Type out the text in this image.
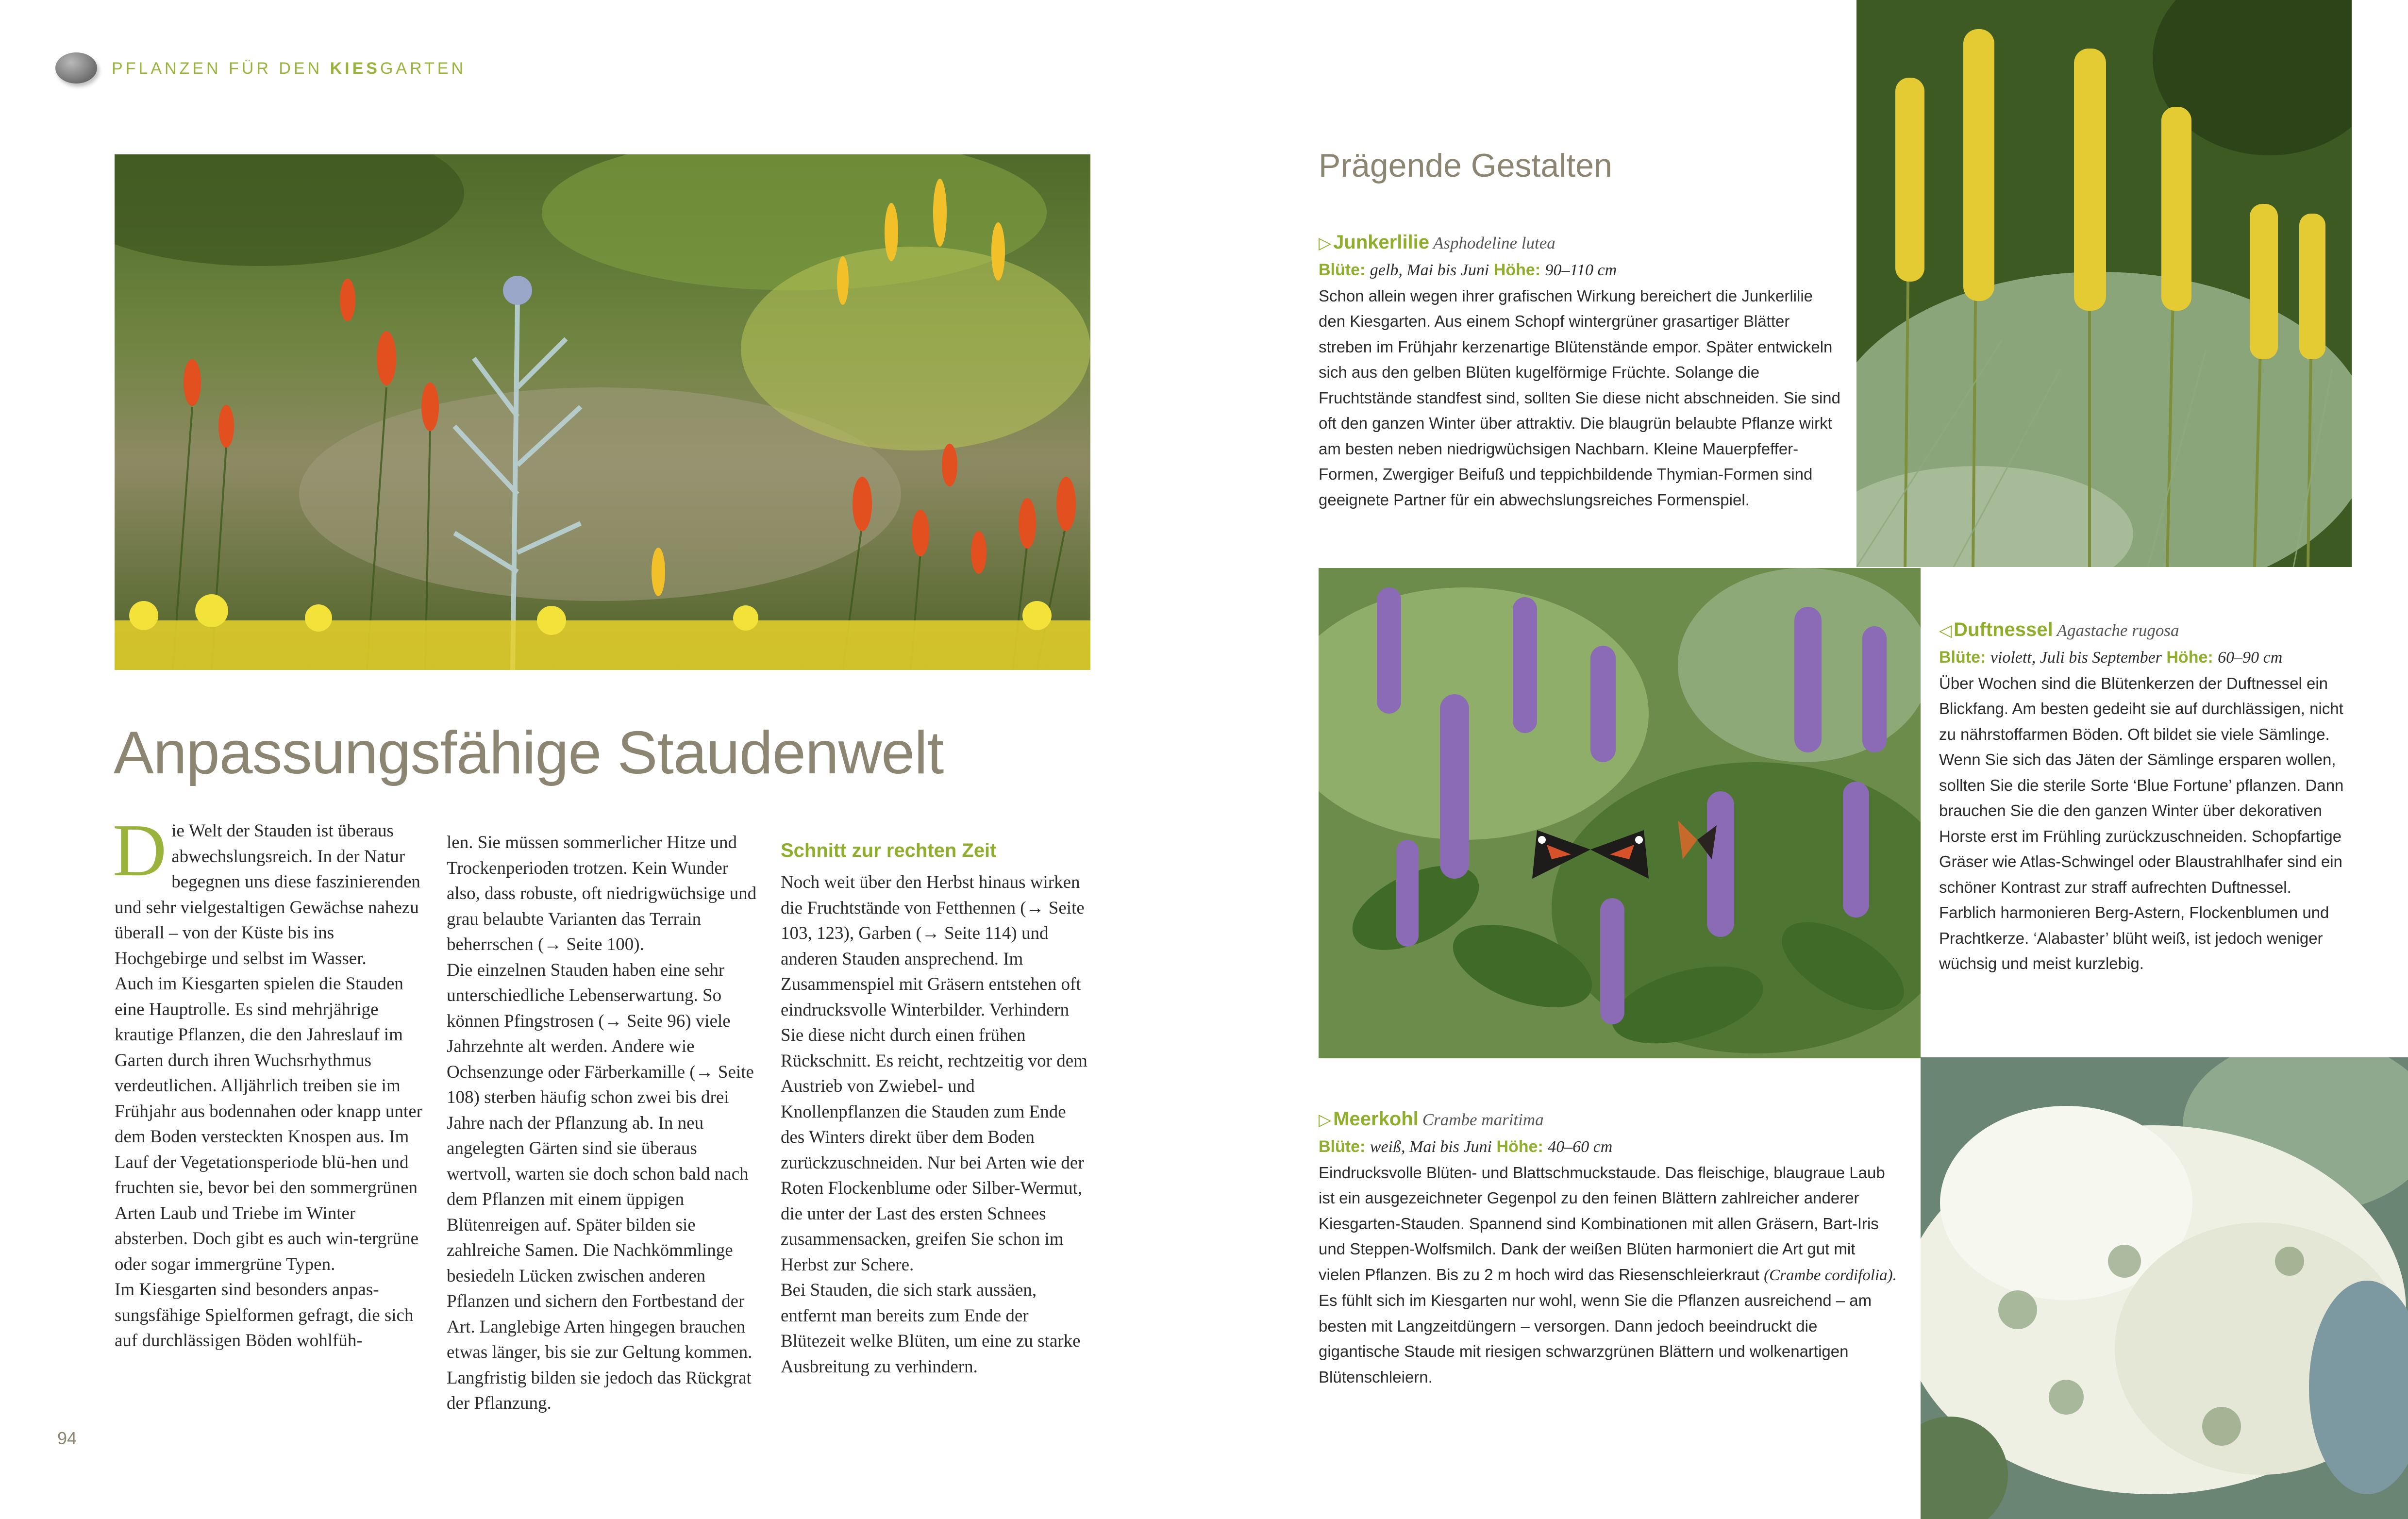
PFLANZEN FÜR DEN KIESGARTEN
Anpassungsfähige Staudenwelt

Die Welt der Stauden ist überaus abwechslungsreich. In der Natur begegnen uns diese faszinierenden und sehr vielgestaltigen Gewächse nahezu überall – von der Küste bis ins Hochgebirge und selbst im Wasser.

Auch im Kiesgarten spielen die Stauden eine Hauptrolle. Es sind mehrjährige krautige Pflanzen, die den Jahreslauf im Garten durch ihren Wuchsrhythmus verdeutlichen. Alljährlich treiben sie im Frühjahr aus bodennahen oder knapp unter dem Boden versteckten Knospen aus. Im Lauf der Vegetationsperiode blü-hen und fruchten sie, bevor bei den sommergrünen Arten Laub und Triebe im Winter absterben. Doch gibt es auch win-tergrüne oder sogar immergrüne Typen.

Im Kiesgarten sind besonders anpassungsfähige Spielformen gefragt, die sich auf durchlässigen Böden wohlfüh-

len. Sie müssen sommerlicher Hitze und Trockenperioden trotzen. Kein Wunder also, dass robuste, oft niedrigwüchsige und grau belaubte Varianten das Terrain beherrschen (→ Seite 100).

Die einzelnen Stauden haben eine sehr unterschiedliche Lebenserwartung. So können Pfingstrosen (→ Seite 96) viele Jahrzehnte alt werden. Andere wie Ochsenzunge oder Färberkamille (→ Seite 108) sterben häufig schon zwei bis drei Jahre nach der Pflanzung ab. In neu angelegten Gärten sind sie überaus wertvoll, warten sie doch schon bald nach dem Pflanzen mit einem üppigen Blütenreigen auf. Später bilden sie zahlreiche Samen. Die Nachkömmlinge besiedeln Lücken zwischen anderen Pflanzen und sichern den Fortbestand der Art. Langlebige Arten hingegen brauchen etwas länger, bis sie zur Geltung kommen. Langfristig bilden sie jedoch das Rückgrat der Pflanzung.

Schnitt zur rechten Zeit

Noch weit über den Herbst hinaus wirken die Fruchtstände von Fetthennen (→ Seite 103, 123), Garben (→ Seite 114) und anderen Stauden ansprechend. Im Zusammenspiel mit Gräsern entstehen oft eindrucksvolle Winterbilder. Verhindern Sie diese nicht durch einen frühen Rückschnitt. Es reicht, rechtzeitig vor dem Austrieb von Zwiebel- und Knollenpflanzen die Stauden zum Ende des Winters direkt über dem Boden zurückzuschneiden. Nur bei Arten wie der Roten Flockenblume oder Silber-Wermut, die unter der Last des ersten Schnees zusammensacken, greifen Sie schon im Herbst zur Schere.

Bei Stauden, die sich stark aussäen, entfernt man bereits zum Ende der Blütezeit welke Blüten, um eine zu starke Ausbreitung zu verhindern.

94
Prägende Gestalten

▷ Junkerlilie Asphodeline lutea

Blüte: gelb, Mai bis Juni Höhe: 90–110 cm

Schon allein wegen ihrer grafischen Wirkung bereichert die Junkerlilie den Kiesgarten. Aus einem Schopf wintergrüner grasartiger Blätter streben im Frühjahr kerzenartige Blütenstände empor. Später entwickeln sich aus den gelben Blüten kugelförmige Früchte. Solange die Fruchtstände standfest sind, sollten Sie diese nicht abschneiden. Sie sind oft den ganzen Winter über attraktiv. Die blaugrün belaubte Pflanze wirkt am besten neben niedrigwüchsigen Nachbarn. Kleine Mauerpfeffer-Formen, Zwergiger Beifuß und teppichbildende Thymian-Formen sind geeignete Partner für ein abwechslungsreiches Formenspiel.

◁ Duftnessel Agastache rugosa

Blüte: violett, Juli bis September Höhe: 60–90 cm

Über Wochen sind die Blütenkerzen der Duftnessel ein Blickfang. Am besten gedeiht sie auf durchlässigen, nicht zu nährstoffarmen Böden. Oft bildet sie viele Sämlinge. Wenn Sie sich das Jäten der Sämlinge ersparen wollen, sollten Sie die sterile Sorte ‘Blue Fortune’ pflanzen. Dann brauchen Sie die den ganzen Winter über dekorativen Horste erst im Frühling zurückzuschneiden. Schopfartige Gräser wie Atlas-Schwingel oder Blaustrahlhafer sind ein schöner Kontrast zur straff aufrechten Duftnessel. Farblich harmonieren Berg-Astern, Flockenblumen und Prachtkerze. ‘Alabaster’ blüht weiß, ist jedoch weniger wüchsig und meist kurzlebig.

▷ Meerkohl Crambe maritima

Blüte: weiß, Mai bis Juni Höhe: 40–60 cm

Eindrucksvolle Blüten- und Blattschmuckstaude. Das fleischige, blaugraue Laub ist ein ausgezeichneter Gegenpol zu den feinen Blättern zahlreicher anderer Kiesgarten-Stauden. Spannend sind Kombinationen mit allen Gräsern, Bart-Iris und Steppen-Wolfsmilch. Dank der weißen Blüten harmoniert die Art gut mit vielen Pflanzen. Bis zu 2 m hoch wird das Riesenschleierkraut (Crambe cordifolia). Es fühlt sich im Kiesgarten nur wohl, wenn Sie die Pflanzen ausreichend – am besten mit Langzeitdüngern – versorgen. Dann jedoch beeindruckt die gigantische Staude mit riesigen schwarzgrünen Blättern und wolkenartigen Blütenschleiern.
